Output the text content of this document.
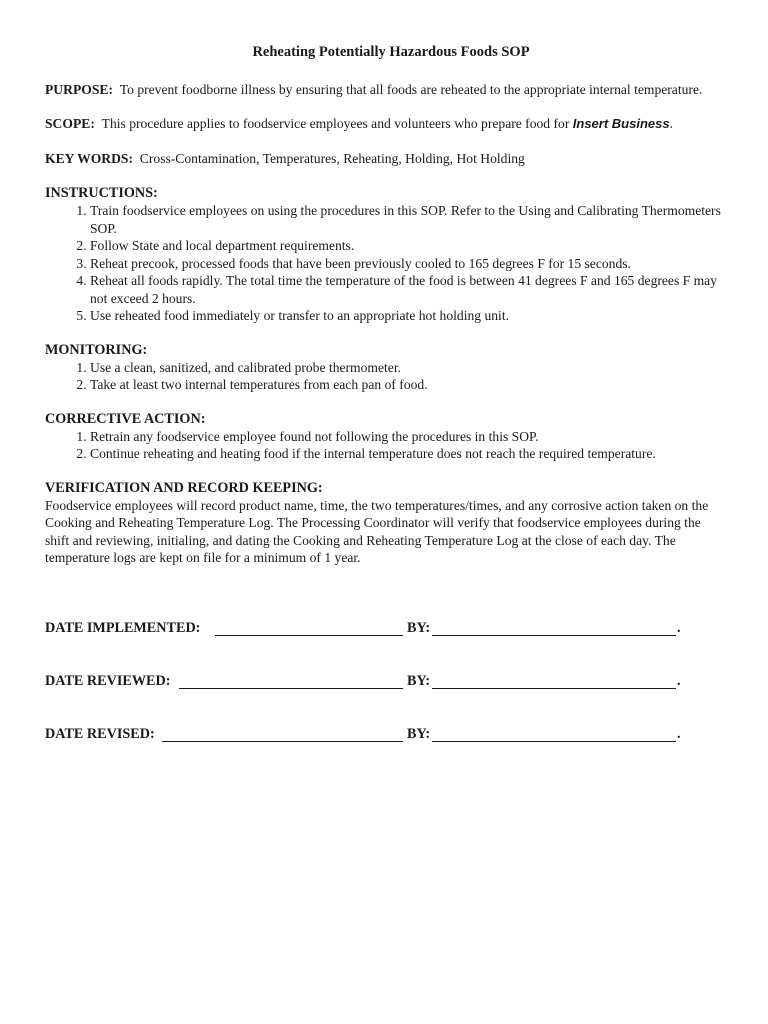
Reheating Potentially Hazardous Foods SOP
PURPOSE: To prevent foodborne illness by ensuring that all foods are reheated to the appropriate internal temperature.
SCOPE: This procedure applies to foodservice employees and volunteers who prepare food for Insert Business.
KEY WORDS: Cross-Contamination, Temperatures, Reheating, Holding, Hot Holding
INSTRUCTIONS:
1. Train foodservice employees on using the procedures in this SOP. Refer to the Using and Calibrating Thermometers SOP.
2. Follow State and local department requirements.
3. Reheat precook, processed foods that have been previously cooled to 165 degrees F for 15 seconds.
4. Reheat all foods rapidly. The total time the temperature of the food is between 41 degrees F and 165 degrees F may not exceed 2 hours.
5. Use reheated food immediately or transfer to an appropriate hot holding unit.
MONITORING:
1. Use a clean, sanitized, and calibrated probe thermometer.
2. Take at least two internal temperatures from each pan of food.
CORRECTIVE ACTION:
1. Retrain any foodservice employee found not following the procedures in this SOP.
2. Continue reheating and heating food if the internal temperature does not reach the required temperature.
VERIFICATION AND RECORD KEEPING:

Foodservice employees will record product name, time, the two temperatures/times, and any corrosive action taken on the Cooking and Reheating Temperature Log. The Processing Coordinator will verify that foodservice employees during the shift and reviewing, initialing, and dating the Cooking and Reheating Temperature Log at the close of each day. The temperature logs are kept on file for a minimum of 1 year.

DATE IMPLEMENTED:	BY:	.
DATE REVIEWED:	BY:	.
DATE REVISED:	BY:	.
